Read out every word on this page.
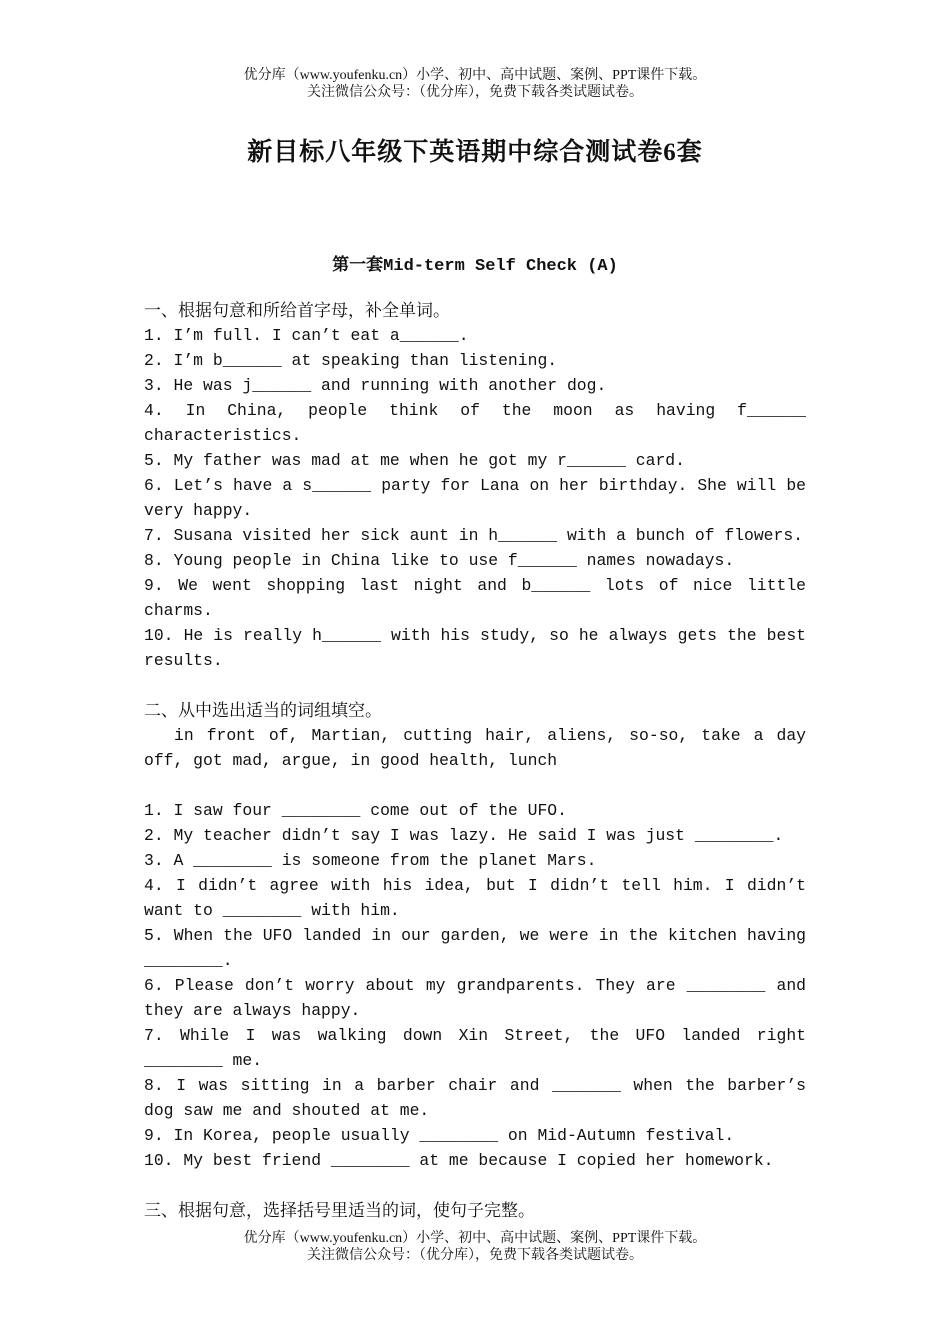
优分库（www.youfenku.cn）小学、初中、高中试题、案例、PPT课件下载。
关注微信公众号：（优分库），免费下载各类试题试卷。
新目标八年级下英语期中综合测试卷6套
第一套Mid-term Self Check (A)
一、根据句意和所给首字母，补全单词。
1. I’m full. I can’t eat a______.
2. I’m b______ at speaking than listening.
3. He was j______ and running with another dog.
4. In China, people think of the moon as having f______ characteristics.
5. My father was mad at me when he got my r______ card.
6. Let’s have a s______ party for Lana on her birthday. She will be very happy.
7. Susana visited her sick aunt in h______ with a bunch of flowers.
8. Young people in China like to use f______ names nowadays.
9. We went shopping last night and b______ lots of nice little charms.
10. He is really h______ with his study, so he always gets the best results.
二、从中选出适当的词组填空。
in front of, Martian, cutting hair, aliens, so-so, take a day off, got mad, argue, in good health, lunch
1. I saw four ________ come out of the UFO.
2. My teacher didn’t say I was lazy. He said I was just ________.
3. A ________ is someone from the planet Mars.
4. I didn’t agree with his idea, but I didn’t tell him. I didn’t want to ________ with him.
5. When the UFO landed in our garden, we were in the kitchen having ________.
6. Please don’t worry about my grandparents. They are ________ and they are always happy.
7. While I was walking down Xin Street, the UFO landed right ________ me.
8. I was sitting in a barber chair and _______ when the barber’s dog saw me and shouted at me.
9. In Korea, people usually ________ on Mid-Autumn festival.
10. My best friend ________ at me because I copied her homework.
三、根据句意，选择括号里适当的词，使句子完整。
优分库（www.youfenku.cn）小学、初中、高中试题、案例、PPT课件下载。
关注微信公众号：（优分库），免费下载各类试题试卷。
